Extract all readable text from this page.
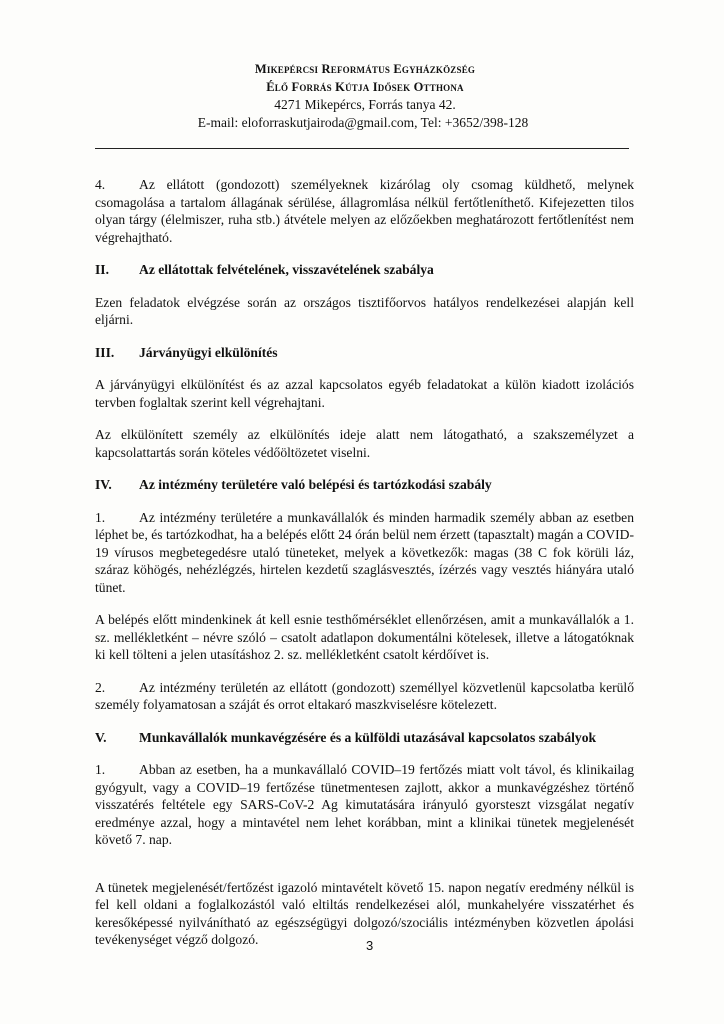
Mikepércsi Református Egyházközség
Élő Forrás Kútja Idősek Otthona
4271 Mikepércs, Forrás tanya 42.
E-mail: eloforraskutjairoda@gmail.com, Tel: +3652/398-128

4. Az ellátott (gondozott) személyeknek kizárólag oly csomag küldhető, melynek csomagolása a tartalom állagának sérülése, állagromlása nélkül fertőtleníthető. Kifejezetten tilos olyan tárgy (élelmiszer, ruha stb.) átvétele melyen az előzőekben meghatározott fertőtlenítést nem végrehajtható.

II. Az ellátottak felvételének, visszavételének szabálya

Ezen feladatok elvégzése során az országos tisztifőorvos hatályos rendelkezései alapján kell eljárni.

III. Járványügyi elkülönítés

A járványügyi elkülönítést és az azzal kapcsolatos egyéb feladatokat a külön kiadott izolációs tervben foglaltak szerint kell végrehajtani.

Az elkülönített személy az elkülönítés ideje alatt nem látogatható, a szakszemélyzet a kapcsolattartás során köteles védőöltözetet viselni.

IV. Az intézmény területére való belépési és tartózkodási szabály

1. Az intézmény területére a munkavállalók és minden harmadik személy abban az esetben léphet be, és tartózkodhat, ha a belépés előtt 24 órán belül nem érzett (tapasztalt) magán a COVID-19 vírusos megbetegedésre utaló tüneteket, melyek a következők: magas (38 C fok körüli láz, száraz köhögés, nehézlégzés, hirtelen kezdetű szaglásvesztés, ízérzés vagy vesztés hiányára utaló tünet.

A belépés előtt mindenkinek át kell esnie testhőmérséklet ellenőrzésen, amit a munkavállalók a 1. sz. mellékletként – névre szóló – csatolt adatlapon dokumentálni kötelesek, illetve a látogatóknak ki kell tölteni a jelen utasításhoz 2. sz. mellékletként csatolt kérdőívet is.

2. Az intézmény területén az ellátott (gondozott) személlyel közvetlenül kapcsolatba kerülő személy folyamatosan a száját és orrot eltakaró maszkviselésre kötelezett.

V. Munkavállalók munkavégzésére és a külföldi utazásával kapcsolatos szabályok

1. Abban az esetben, ha a munkavállaló COVID–19 fertőzés miatt volt távol, és klinikailag gyógyult, vagy a COVID–19 fertőzése tünetmentesen zajlott, akkor a munkavégzéshez történő visszatérés feltétele egy SARS-CoV-2 Ag kimutatására irányuló gyorsteszt vizsgálat negatív eredménye azzal, hogy a mintavétel nem lehet korábban, mint a klinikai tünetek megjelenését követő 7. nap.

A tünetek megjelenését/fertőzést igazoló mintavételt követő 15. napon negatív eredmény nélkül is fel kell oldani a foglalkozástól való eltiltás rendelkezései alól, munkahelyére visszatérhet és keresőképessé nyilvánítható az egészségügyi dolgozó/szociális intézményben közvetlen ápolási tevékenységet végző dolgozó.	3
